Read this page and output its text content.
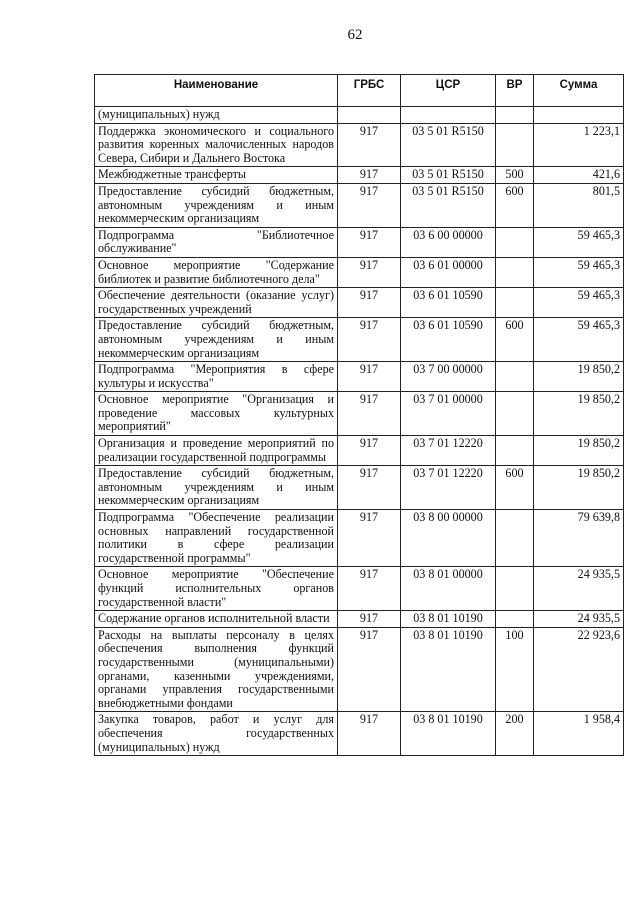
62
Наименование	ГРБС	ЦСР	ВР	Сумма
(муниципальных) нужд				
Поддержка экономического и социального развития коренных малочисленных народов Севера, Сибири и Дальнего Востока	917	03 5 01 R5150		1 223,1
Межбюджетные трансферты	917	03 5 01 R5150	500	421,6
Предоставление субсидий бюджетным, автономным учреждениям и иным некоммерческим организациям	917	03 5 01 R5150	600	801,5
Подпрограмма "Библиотечное обслуживание"	917	03 6 00 00000		59 465,3
Основное мероприятие "Содержание библиотек и развитие библиотечного дела"	917	03 6 01 00000		59 465,3
Обеспечение деятельности (оказание услуг) государственных учреждений	917	03 6 01 10590		59 465,3
Предоставление субсидий бюджетным, автономным учреждениям и иным некоммерческим организациям	917	03 6 01 10590	600	59 465,3
Подпрограмма "Мероприятия в сфере культуры и искусства"	917	03 7 00 00000		19 850,2
Основное мероприятие "Организация и проведение массовых культурных мероприятий"	917	03 7 01 00000		19 850,2
Организация и проведение мероприятий по реализации государственной подпрограммы	917	03 7 01 12220		19 850,2
Предоставление субсидий бюджетным, автономным учреждениям и иным некоммерческим организациям	917	03 7 01 12220	600	19 850,2
Подпрограмма "Обеспечение реализации основных направлений государственной политики в сфере реализации государственной программы"	917	03 8 00 00000		79 639,8
Основное мероприятие "Обеспечение функций исполнительных органов государственной власти"	917	03 8 01 00000		24 935,5
Содержание органов исполнительной власти	917	03 8 01 10190		24 935,5
Расходы на выплаты персоналу в целях обеспечения выполнения функций государственными (муниципальными) органами, казенными учреждениями, органами управления государственными внебюджетными фондами	917	03 8 01 10190	100	22 923,6
Закупка товаров, работ и услуг для обеспечения государственных (муниципальных) нужд	917	03 8 01 10190	200	1 958,4
